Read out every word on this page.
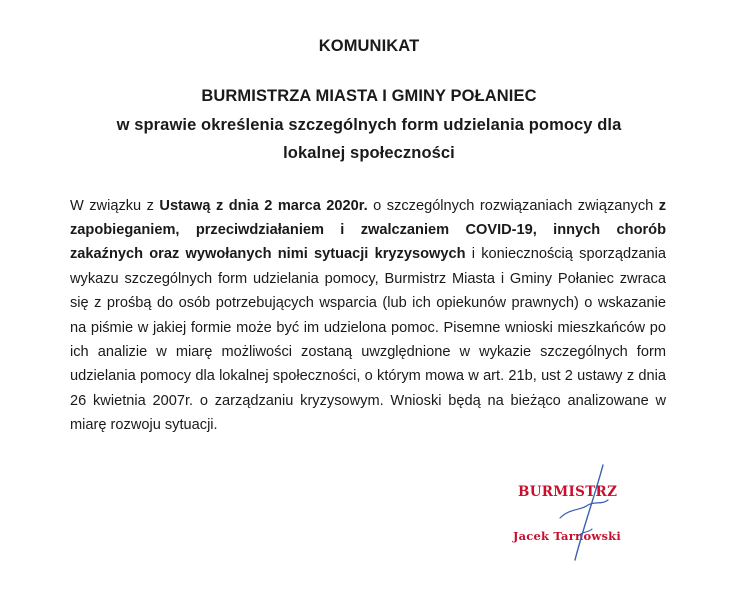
KOMUNIKAT
BURMISTRZA MIASTA I GMINY POŁANIEC
w sprawie określenia szczególnych form udzielania pomocy dla
lokalnej społeczności

W związku z Ustawą z dnia 2 marca 2020r. o szczególnych rozwiązaniach związanych z zapobieganiem, przeciwdziałaniem i zwalczaniem COVID-19, innych chorób zakaźnych oraz wywołanych nimi sytuacji kryzysowych i koniecznością sporządzania wykazu szczególnych form udzielania pomocy, Burmistrz Miasta i Gminy Połaniec zwraca się z prośbą do osób potrzebujących wsparcia (lub ich opiekunów prawnych) o wskazanie na piśmie w jakiej formie może być im udzielona pomoc. Pisemne wnioski mieszkańców po ich analizie w miarę możliwości zostaną uwzględnione w wykazie szczególnych form udzielania pomocy dla lokalnej społeczności, o którym mowa w art. 21b, ust 2 ustawy z dnia 26 kwietnia 2007r. o zarządzaniu kryzysowym. Wnioski będą na bieżąco analizowane w miarę rozwoju sytuacji.

BURMISTRZ
Jacek Tarnowski
